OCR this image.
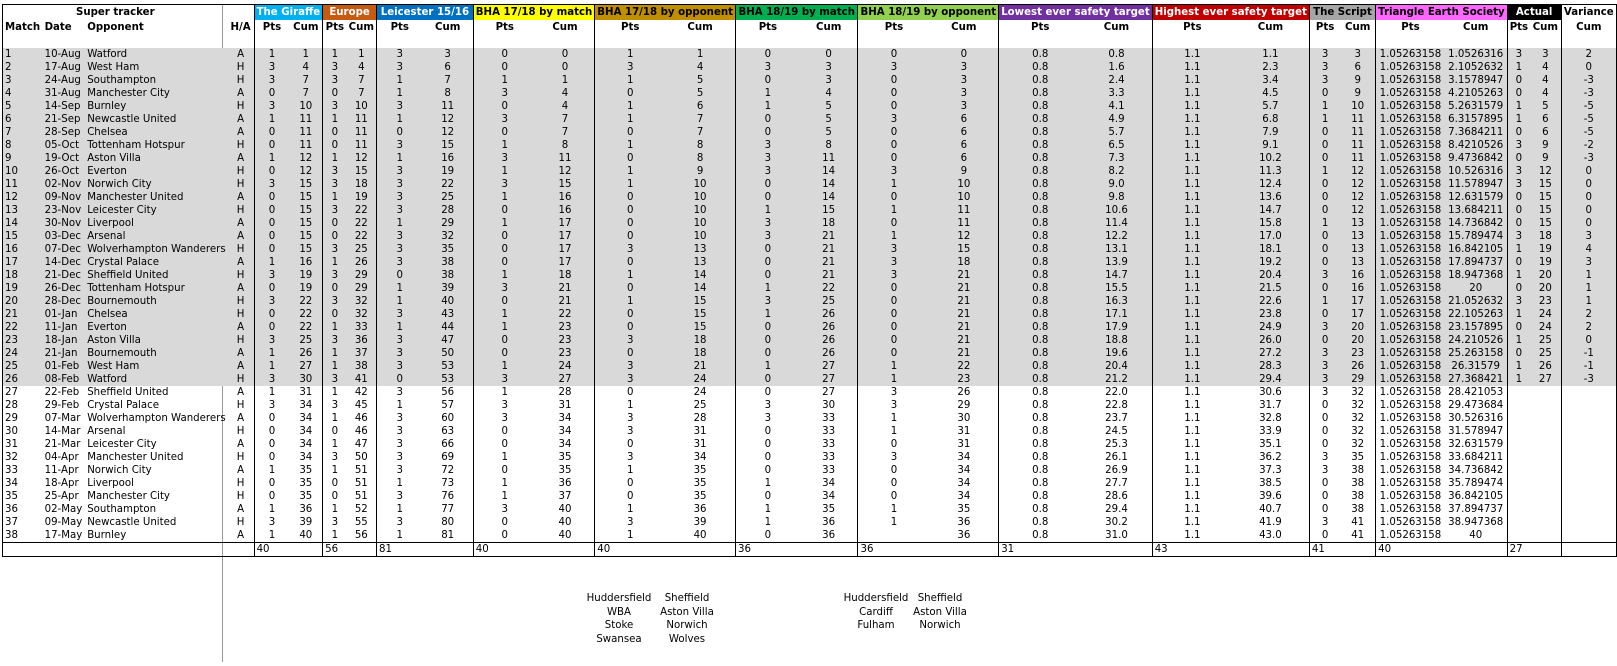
Super tracker				The Giraffe		Europe		Leicester 15/16		BHA 17/18 by match		BHA 17/18 by opponent		BHA 18/19 by match		BHA 18/19 by opponent		Lowest ever safety target		Highest ever safety target		The Script		Triangle Earth Society		Actual		Variance
Match	Date	Opponent	H/A	Pts	Cum	Pts	Cum	Pts	Cum	Pts	Cum	Pts	Cum	Pts	Cum	Pts	Cum	Pts	Cum	Pts	Cum	Pts	Cum	Pts	Cum	Pts	Cum	Cum

1	10-Aug	Watford	A	1	1	1	1	3	3	0	0	1	1	0	0	0	0	0.8	0.8	1.1	1.1	3	3	1.05263158	1.0526316	3	3	2
2	17-Aug	West Ham	H	3	4	3	4	3	6	0	0	3	4	3	3	3	3	0.8	1.6	1.1	2.3	3	6	1.05263158	2.1052632	1	4	0
3	24-Aug	Southampton	H	3	7	3	7	1	7	1	1	1	5	0	3	0	3	0.8	2.4	1.1	3.4	3	9	1.05263158	3.1578947	0	4	-3
4	31-Aug	Manchester City	A	0	7	0	7	1	8	3	4	0	5	1	4	0	3	0.8	3.3	1.1	4.5	0	9	1.05263158	4.2105263	0	4	-3
5	14-Sep	Burnley	H	3	10	3	10	3	11	0	4	1	6	1	5	0	3	0.8	4.1	1.1	5.7	1	10	1.05263158	5.2631579	1	5	-5
6	21-Sep	Newcastle United	A	1	11	1	11	1	12	3	7	1	7	0	5	3	6	0.8	4.9	1.1	6.8	1	11	1.05263158	6.3157895	1	6	-5
7	28-Sep	Chelsea	A	0	11	0	11	0	12	0	7	0	7	0	5	0	6	0.8	5.7	1.1	7.9	0	11	1.05263158	7.3684211	0	6	-5
8	05-Oct	Tottenham Hotspur	H	0	11	0	11	3	15	1	8	1	8	3	8	0	6	0.8	6.5	1.1	9.1	0	11	1.05263158	8.4210526	3	9	-2
9	19-Oct	Aston Villa	A	1	12	1	12	1	16	3	11	0	8	3	11	0	6	0.8	7.3	1.1	10.2	0	11	1.05263158	9.4736842	0	9	-3
10	26-Oct	Everton	H	0	12	3	15	3	19	1	12	1	9	3	14	3	9	0.8	8.2	1.1	11.3	1	12	1.05263158	10.526316	3	12	0
11	02-Nov	Norwich City	H	3	15	3	18	3	22	3	15	1	10	0	14	1	10	0.8	9.0	1.1	12.4	0	12	1.05263158	11.578947	3	15	0
12	09-Nov	Manchester United	A	0	15	1	19	3	25	1	16	0	10	0	14	0	10	0.8	9.8	1.1	13.6	0	12	1.05263158	12.631579	0	15	0
13	23-Nov	Leicester City	H	0	15	3	22	3	28	0	16	0	10	1	15	1	11	0.8	10.6	1.1	14.7	0	12	1.05263158	13.684211	0	15	0
14	30-Nov	Liverpool	A	0	15	0	22	1	29	1	17	0	10	3	18	0	11	0.8	11.4	1.1	15.8	1	13	1.05263158	14.736842	0	15	0
15	03-Dec	Arsenal	A	0	15	0	22	3	32	0	17	0	10	3	21	1	12	0.8	12.2	1.1	17.0	0	13	1.05263158	15.789474	3	18	3
16	07-Dec	Wolverhampton Wanderers	H	0	15	3	25	3	35	0	17	3	13	0	21	3	15	0.8	13.1	1.1	18.1	0	13	1.05263158	16.842105	1	19	4
17	14-Dec	Crystal Palace	A	1	16	1	26	3	38	0	17	0	13	0	21	3	18	0.8	13.9	1.1	19.2	0	13	1.05263158	17.894737	0	19	3
18	21-Dec	Sheffield United	H	3	19	3	29	0	38	1	18	1	14	0	21	3	21	0.8	14.7	1.1	20.4	3	16	1.05263158	18.947368	1	20	1
19	26-Dec	Tottenham Hotspur	A	0	19	0	29	1	39	3	21	0	14	1	22	0	21	0.8	15.5	1.1	21.5	0	16	1.05263158	20	0	20	1
20	28-Dec	Bournemouth	H	3	22	3	32	1	40	0	21	1	15	3	25	0	21	0.8	16.3	1.1	22.6	1	17	1.05263158	21.052632	3	23	1
21	01-Jan	Chelsea	H	0	22	0	32	3	43	1	22	0	15	1	26	0	21	0.8	17.1	1.1	23.8	0	17	1.05263158	22.105263	1	24	2
22	11-Jan	Everton	A	0	22	1	33	1	44	1	23	0	15	0	26	0	21	0.8	17.9	1.1	24.9	3	20	1.05263158	23.157895	0	24	2
23	18-Jan	Aston Villa	H	3	25	3	36	3	47	0	23	3	18	0	26	0	21	0.8	18.8	1.1	26.0	0	20	1.05263158	24.210526	1	25	0
24	21-Jan	Bournemouth	A	1	26	1	37	3	50	0	23	0	18	0	26	0	21	0.8	19.6	1.1	27.2	3	23	1.05263158	25.263158	0	25	-1
25	01-Feb	West Ham	A	1	27	1	38	3	53	1	24	3	21	1	27	1	22	0.8	20.4	1.1	28.3	3	26	1.05263158	26.31579	1	26	-1
26	08-Feb	Watford	H	3	30	3	41	0	53	3	27	3	24	0	27	1	23	0.8	21.2	1.1	29.4	3	29	1.05263158	27.368421	1	27	-3
27	22-Feb	Sheffield United	A	1	31	1	42	3	56	1	28	0	24	0	27	3	26	0.8	22.0	1.1	30.6	3	32	1.05263158	28.421053			
28	29-Feb	Crystal Palace	H	3	34	3	45	1	57	3	31	1	25	3	30	3	29	0.8	22.8	1.1	31.7	0	32	1.05263158	29.473684			
29	07-Mar	Wolverhampton Wanderers	A	0	34	1	46	3	60	3	34	3	28	3	33	1	30	0.8	23.7	1.1	32.8	0	32	1.05263158	30.526316			
30	14-Mar	Arsenal	H	0	34	0	46	3	63	0	34	3	31	0	33	1	31	0.8	24.5	1.1	33.9	0	32	1.05263158	31.578947			
31	21-Mar	Leicester City	A	0	34	1	47	3	66	0	34	0	31	0	33	0	31	0.8	25.3	1.1	35.1	0	32	1.05263158	32.631579			
32	04-Apr	Manchester United	H	0	34	3	50	3	69	1	35	3	34	0	33	3	34	0.8	26.1	1.1	36.2	3	35	1.05263158	33.684211			
33	11-Apr	Norwich City	A	1	35	1	51	3	72	0	35	1	35	0	33	0	34	0.8	26.9	1.1	37.3	3	38	1.05263158	34.736842			
34	18-Apr	Liverpool	H	0	35	0	51	1	73	1	36	0	35	1	34	0	34	0.8	27.7	1.1	38.5	0	38	1.05263158	35.789474			
35	25-Apr	Manchester City	H	0	35	0	51	3	76	1	37	0	35	0	34	0	34	0.8	28.6	1.1	39.6	0	38	1.05263158	36.842105			
36	02-May	Southampton	A	1	36	1	52	1	77	3	40	1	36	1	35	1	35	0.8	29.4	1.1	40.7	0	38	1.05263158	37.894737			
37	09-May	Newcastle United	H	3	39	3	55	3	80	0	40	3	39	1	36	1	36	0.8	30.2	1.1	41.9	3	41	1.05263158	38.947368			
38	17-May	Burnley	A	1	40	1	56	1	81	0	40	1	40	0	36		36	0.8	31.0	1.1	43.0	0	41	1.05263158	40			
				40		56		81		40		40		36		36		31		43		41		40		27		
Huddersfield
WBA
Stoke
Swansea
Sheffield
Aston Villa
Norwich
Wolves
Huddersfield
Cardiff
Fulham
Sheffield
Aston Villa
Norwich
